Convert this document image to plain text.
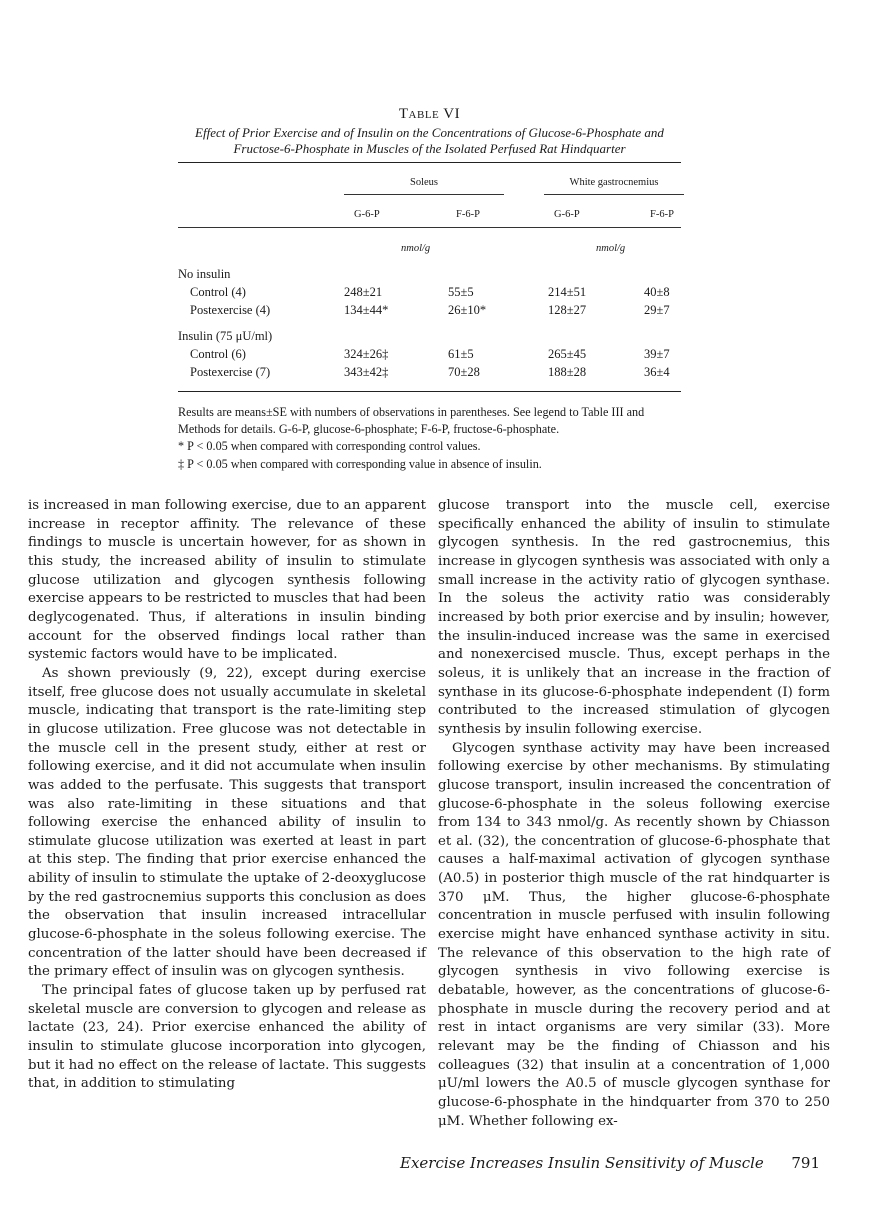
Table VI
Effect of Prior Exercise and of Insulin on the Concentrations of Glucose-6-Phosphate and Fructose-6-Phosphate in Muscles of the Isolated Perfused Rat Hindquarter
Soleus	White gastrocnemius
G-6-P	F-6-P	G-6-P	F-6-P
nmol/g	nmol/g
No insulin
Control (4)	248±21	55±5	214±51	40±8
Postexercise (4)	134±44*	26±10*	128±27	29±7
Insulin (75 μU/ml)
Control (6)	324±26‡	61±5	265±45	39±7
Postexercise (7)	343±42‡	70±28	188±28	36±4

Results are means±SE with numbers of observations in parentheses. See legend to Table III and Methods for details. G-6-P, glucose-6-phosphate; F-6-P, fructose-6-phosphate.

* P < 0.05 when compared with corresponding control values.

‡ P < 0.05 when compared with corresponding value in absence of insulin.

is increased in man following exercise, due to an apparent increase in receptor affinity. The relevance of these findings to muscle is uncertain however, for as shown in this study, the increased ability of insulin to stimulate glucose utilization and glycogen synthesis following exercise appears to be restricted to muscles that had been deglycogenated. Thus, if alterations in insulin binding account for the observed findings local rather than systemic factors would have to be implicated.

As shown previously (9, 22), except during exercise itself, free glucose does not usually accumulate in skeletal muscle, indicating that transport is the rate-limiting step in glucose utilization. Free glucose was not detectable in the muscle cell in the present study, either at rest or following exercise, and it did not accumulate when insulin was added to the perfusate. This suggests that transport was also rate-limiting in these situations and that following exercise the enhanced ability of insulin to stimulate glucose utilization was exerted at least in part at this step. The finding that prior exercise enhanced the ability of insulin to stimulate the uptake of 2-deoxyglucose by the red gastrocnemius supports this conclusion as does the observation that insulin increased intracellular glucose-6-phosphate in the soleus following exercise. The concentration of the latter should have been decreased if the primary effect of insulin was on glycogen synthesis.

The principal fates of glucose taken up by perfused rat skeletal muscle are conversion to glycogen and release as lactate (23, 24). Prior exercise enhanced the ability of insulin to stimulate glucose incorporation into glycogen, but it had no effect on the release of lactate. This suggests that, in addition to stimulating

glucose transport into the muscle cell, exercise specifically enhanced the ability of insulin to stimulate glycogen synthesis. In the red gastrocnemius, this increase in glycogen synthesis was associated with only a small increase in the activity ratio of glycogen synthase. In the soleus the activity ratio was considerably increased by both prior exercise and by insulin; however, the insulin-induced increase was the same in exercised and nonexercised muscle. Thus, except perhaps in the soleus, it is unlikely that an increase in the fraction of synthase in its glucose-6-phosphate independent (I) form contributed to the increased stimulation of glycogen synthesis by insulin following exercise.

Glycogen synthase activity may have been increased following exercise by other mechanisms. By stimulating glucose transport, insulin increased the concentration of glucose-6-phosphate in the soleus following exercise from 134 to 343 nmol/g. As recently shown by Chiasson et al. (32), the concentration of glucose-6-phosphate that causes a half-maximal activation of glycogen synthase (A0.5) in posterior thigh muscle of the rat hindquarter is 370 μM. Thus, the higher glucose-6-phosphate concentration in muscle perfused with insulin following exercise might have enhanced synthase activity in situ. The relevance of this observation to the high rate of glycogen synthesis in vivo following exercise is debatable, however, as the concentrations of glucose-6-phosphate in muscle during the recovery period and at rest in intact organisms are very similar (33). More relevant may be the finding of Chiasson and his colleagues (32) that insulin at a concentration of 1,000 μU/ml lowers the A0.5 of muscle glycogen synthase for glucose-6-phosphate in the hindquarter from 370 to 250 μM. Whether following ex-

Exercise Increases Insulin Sensitivity of Muscle 791
